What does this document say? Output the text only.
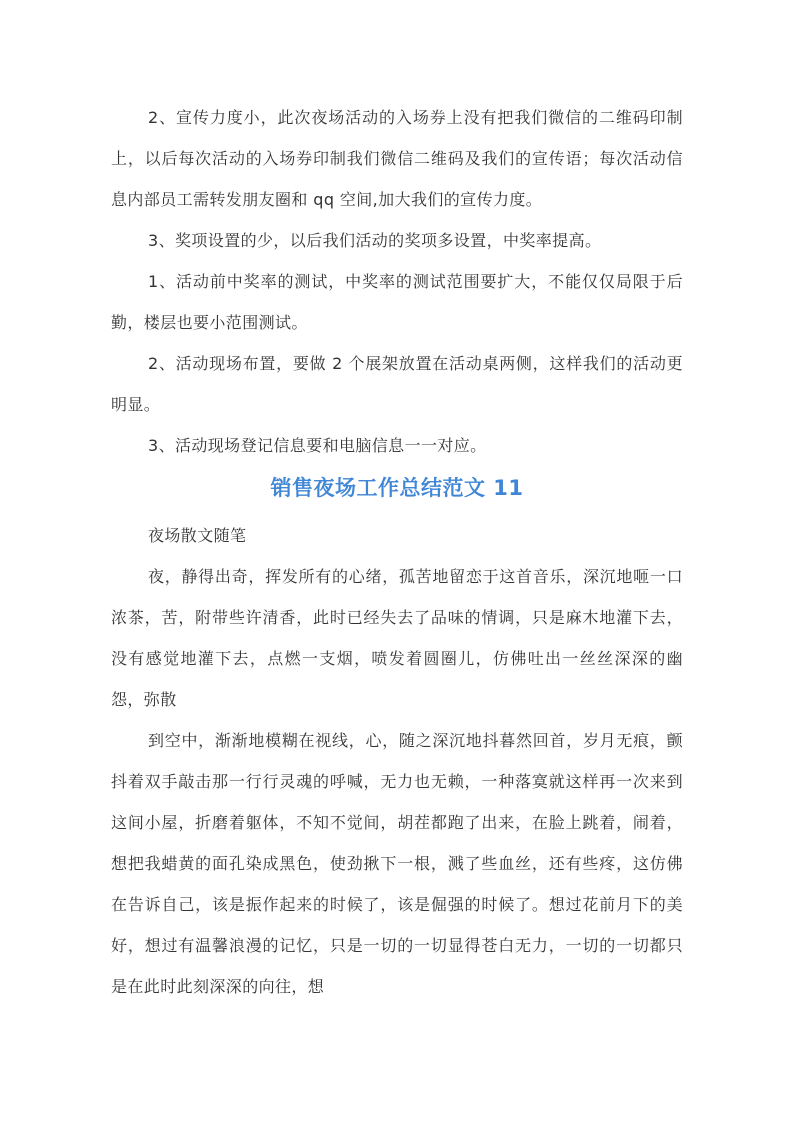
2、宣传力度小，此次夜场活动的入场券上没有把我们微信的二维码印制上，以后每次活动的入场券印制我们微信二维码及我们的宣传语；每次活动信息内部员工需转发朋友圈和 qq 空间,加大我们的宣传力度。

3、奖项设置的少，以后我们活动的奖项多设置，中奖率提高。

1、活动前中奖率的测试，中奖率的测试范围要扩大，不能仅仅局限于后勤，楼层也要小范围测试。

2、活动现场布置，要做 2 个展架放置在活动桌两侧，这样我们的活动更明显。

3、活动现场登记信息要和电脑信息一一对应。

销售夜场工作总结范文 11

夜场散文随笔

夜，静得出奇，挥发所有的心绪，孤苦地留恋于这首音乐，深沉地咂一口浓茶，苦，附带些许清香，此时已经失去了品味的情调，只是麻木地灌下去，没有感觉地灌下去，点燃一支烟，喷发着圆圈儿，仿佛吐出一丝丝深深的幽怨，弥散

到空中，渐渐地模糊在视线，心，随之深沉地抖暮然回首，岁月无痕，颤抖着双手敲击那一行行灵魂的呼喊，无力也无赖，一种落寞就这样再一次来到这间小屋，折磨着躯体，不知不觉间，胡茬都跑了出来，在脸上跳着，闹着，想把我蜡黄的面孔染成黑色，使劲揪下一根，溅了些血丝，还有些疼，这仿佛在告诉自己，该是振作起来的时候了，该是倔强的时候了。想过花前月下的美好，想过有温馨浪漫的记忆，只是一切的一切显得苍白无力，一切的一切都只是在此时此刻深深的向往，想
